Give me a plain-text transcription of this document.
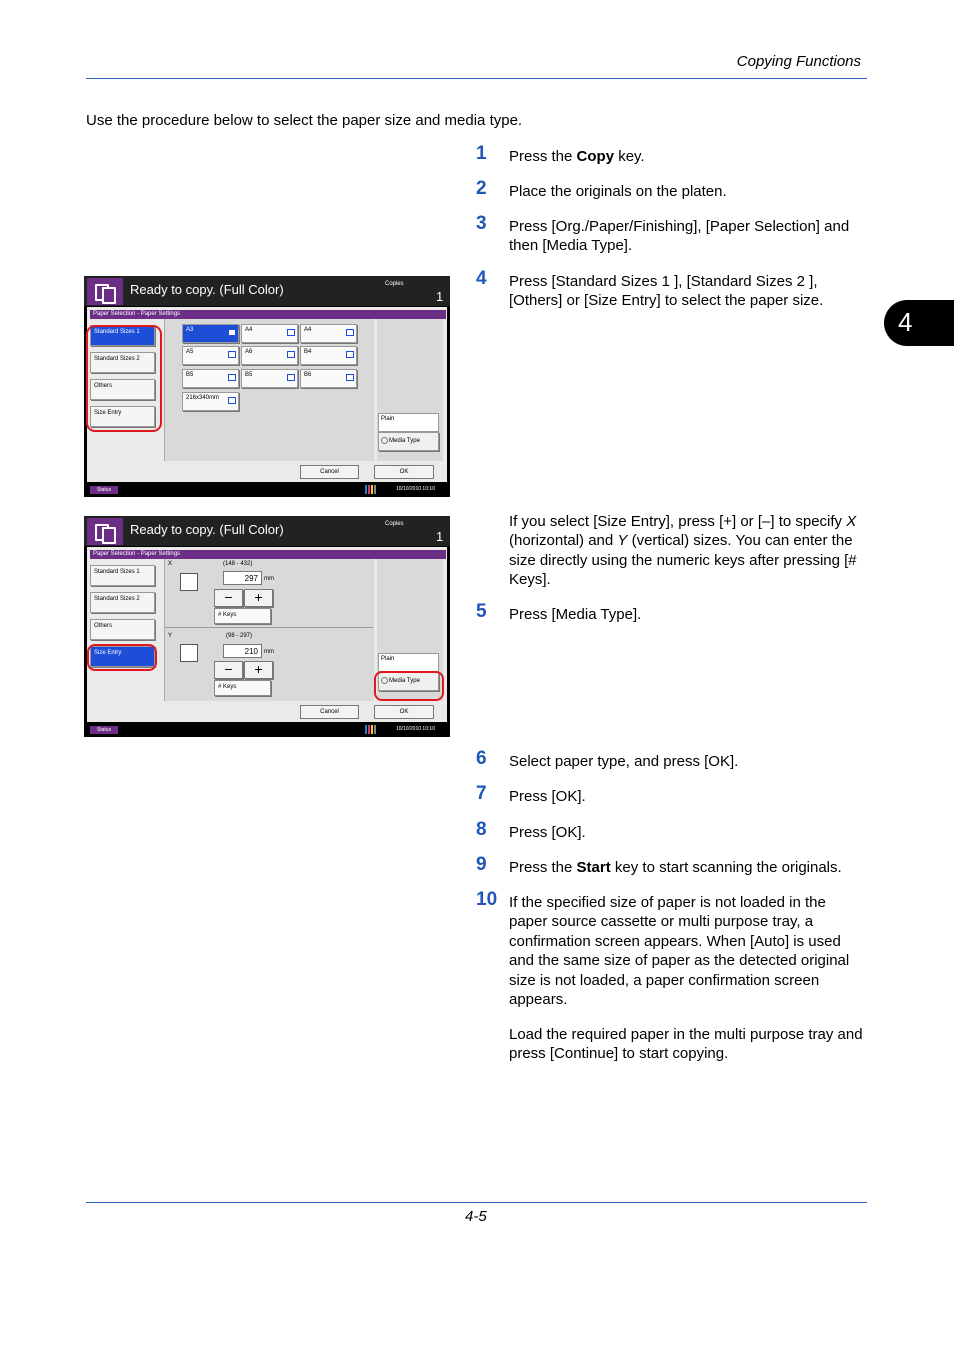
Copying Functions
Use the procedure below to select the paper size and media type.
4
1 Press the Copy key.
2 Place the originals on the platen.
3 Press [Org./Paper/Finishing], [Paper Selection] and then [Media Type].
4 Press [Standard Sizes 1 ], [Standard Sizes 2 ], [Others] or [Size Entry] to select the paper size.
If you select [Size Entry], press [+] or [–] to specify X (horizontal) and Y (vertical) sizes. You can enter the size directly using the numeric keys after pressing [# Keys].
5 Press [Media Type].
6 Select paper type, and press [OK].
7 Press [OK].
8 Press [OK].
9 Press the Start key to start scanning the originals.
10 If the specified size of paper is not loaded in the paper source cassette or multi purpose tray, a confirmation screen appears. When [Auto] is used and the same size of paper as the detected original size is not loaded, a paper confirmation screen appears.
Load the required paper in the multi purpose tray and press [Continue] to start copying.
Ready to copy. (Full Color)	Copies
1
Paper Selection - Paper Settings
Standard Sizes 1
Standard Sizes 2
Others
Size Entry
A3	A4	A4
A5	A6	B4
B5	B5	B6
216x340mm
Plain
Media Type
Cancel	OK
Status	10/10/2010 10:10
Ready to copy. (Full Color)	Copies
1
Paper Selection - Paper Settings
Standard Sizes 1
Standard Sizes 2
Others
Size Entry
X	(148 - 432)
297	mm
−	+
# Keys
Y	(98 - 297)
210	mm
−	+
# Keys
Plain
Media Type
Cancel	OK
Status	10/10/2010 10:10
4-5
